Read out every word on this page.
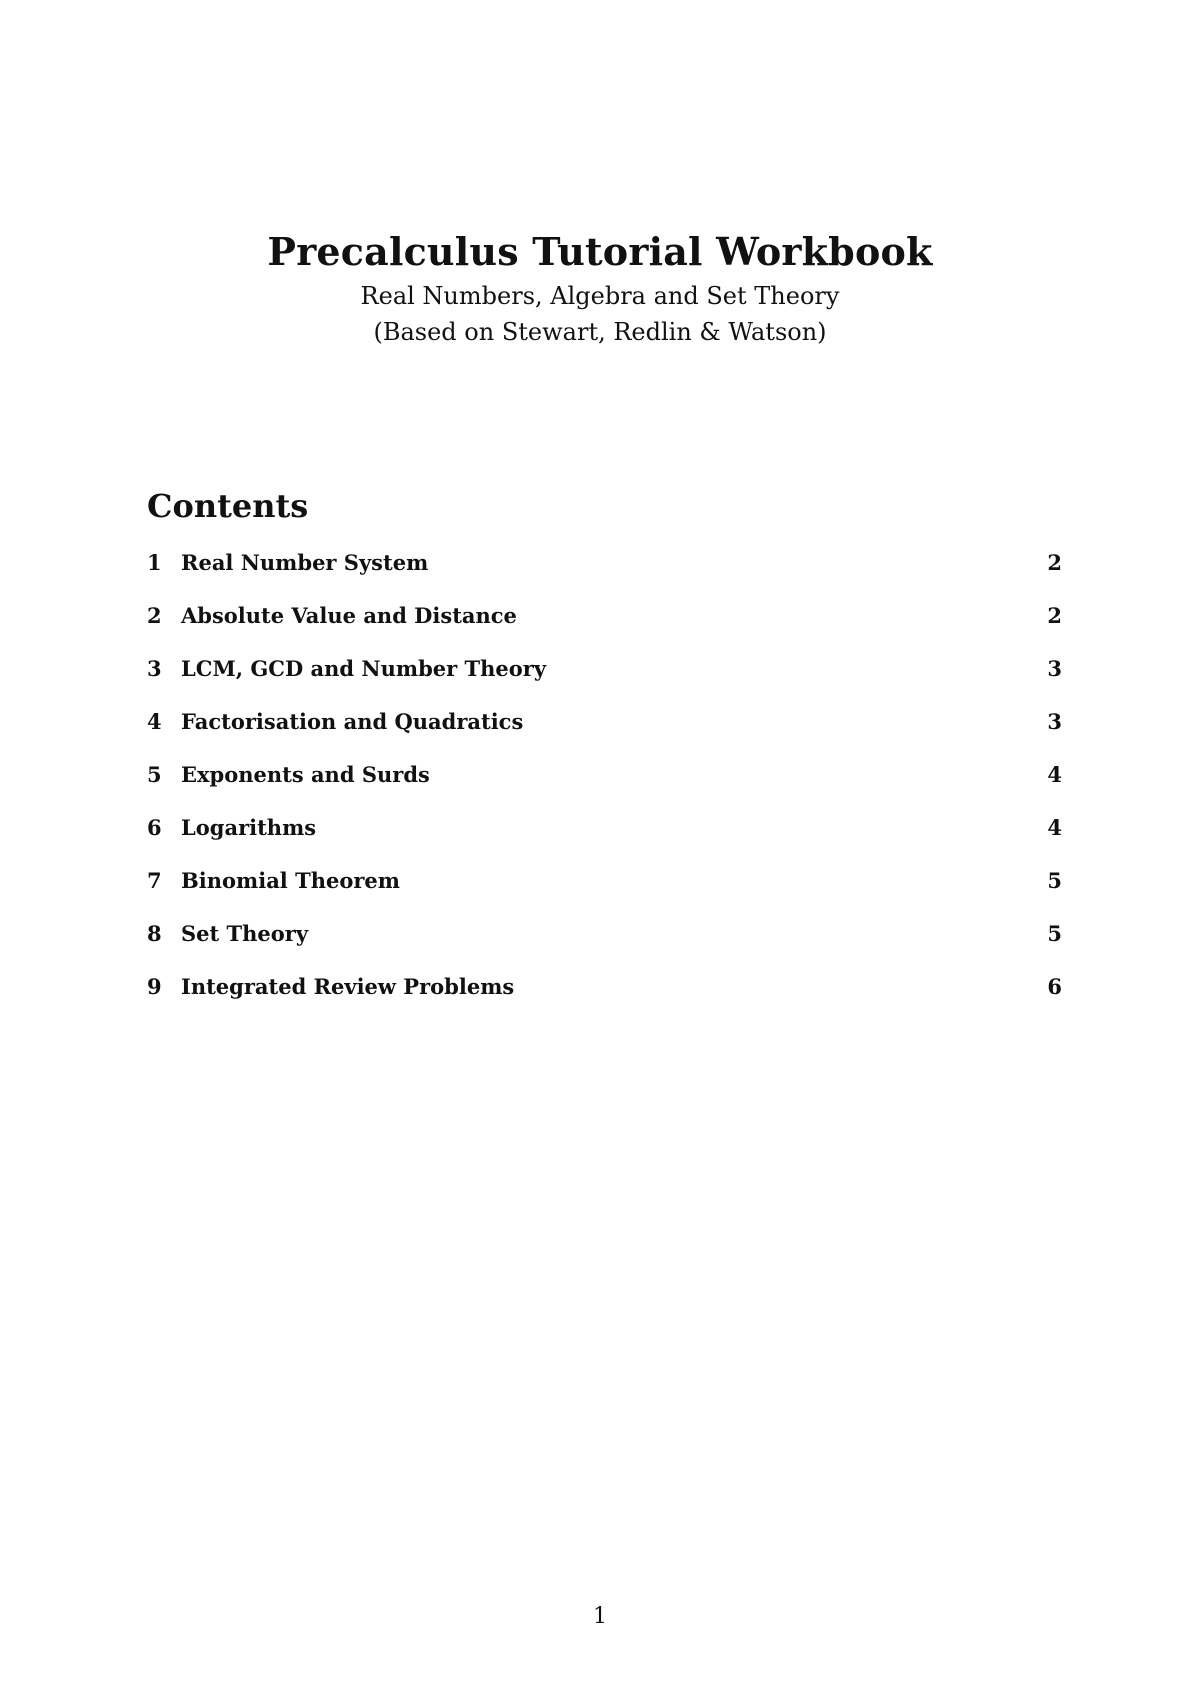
Precalculus Tutorial Workbook

Real Numbers, Algebra and Set Theory

(Based on Stewart, Redlin & Watson)

Contents
1 Real Number System	2
2 Absolute Value and Distance	2
3 LCM, GCD and Number Theory	3
4 Factorisation and Quadratics	3
5 Exponents and Surds	4
6 Logarithms	4
7 Binomial Theorem	5
8 Set Theory	5
9 Integrated Review Problems	6
1
